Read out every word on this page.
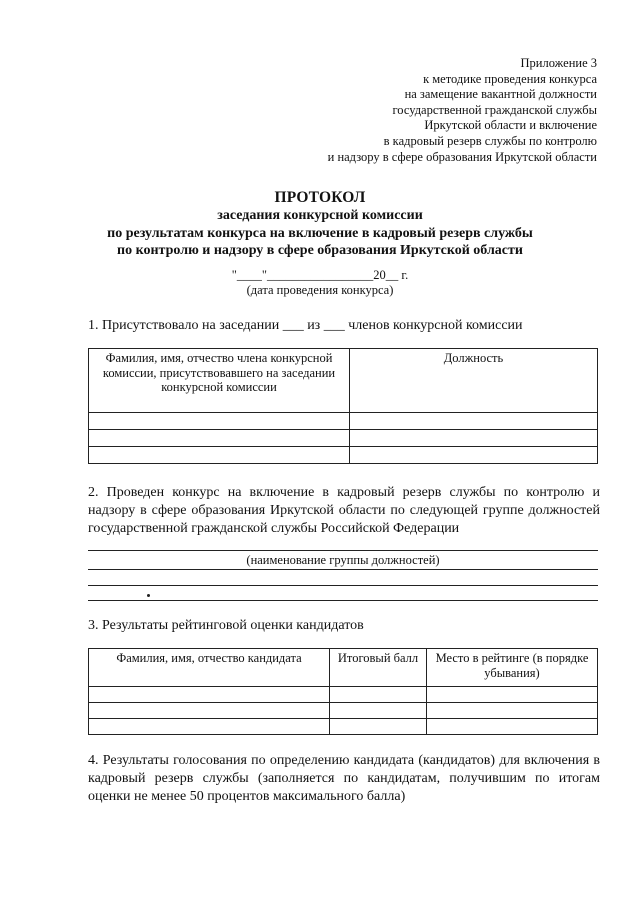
Приложение 3
к методике проведения конкурса
на замещение вакантной должности
государственной гражданской службы
Иркутской области и включение
в кадровый резерв службы по контролю
и надзору в сфере образования Иркутской области
ПРОТОКОЛ
заседания конкурсной комиссии
по результатам конкурса на включение в кадровый резерв службы
по контролю и надзору в сфере образования Иркутской области
"____"_________________20__ г.
(дата проведения конкурса)
1. Присутствовало на заседании ___ из ___ членов конкурсной комиссии
Фамилия, имя, отчество члена конкурсной комиссии, присутствовавшего на заседании конкурсной комиссии	Должность

2. Проведен конкурс на включение в кадровый резерв службы по контролю и надзору в сфере образования Иркутской области по следующей группе должностей государственной гражданской службы Российской Федерации
(наименование группы должностей)
3. Результаты рейтинговой оценки кандидатов
Фамилия, имя, отчество кандидата	Итоговый балл	Место в рейтинге (в порядке убывания)

4. Результаты голосования по определению кандидата (кандидатов) для включения в кадровый резерв службы (заполняется по кандидатам, получившим по итогам оценки не менее 50 процентов максимального балла)
